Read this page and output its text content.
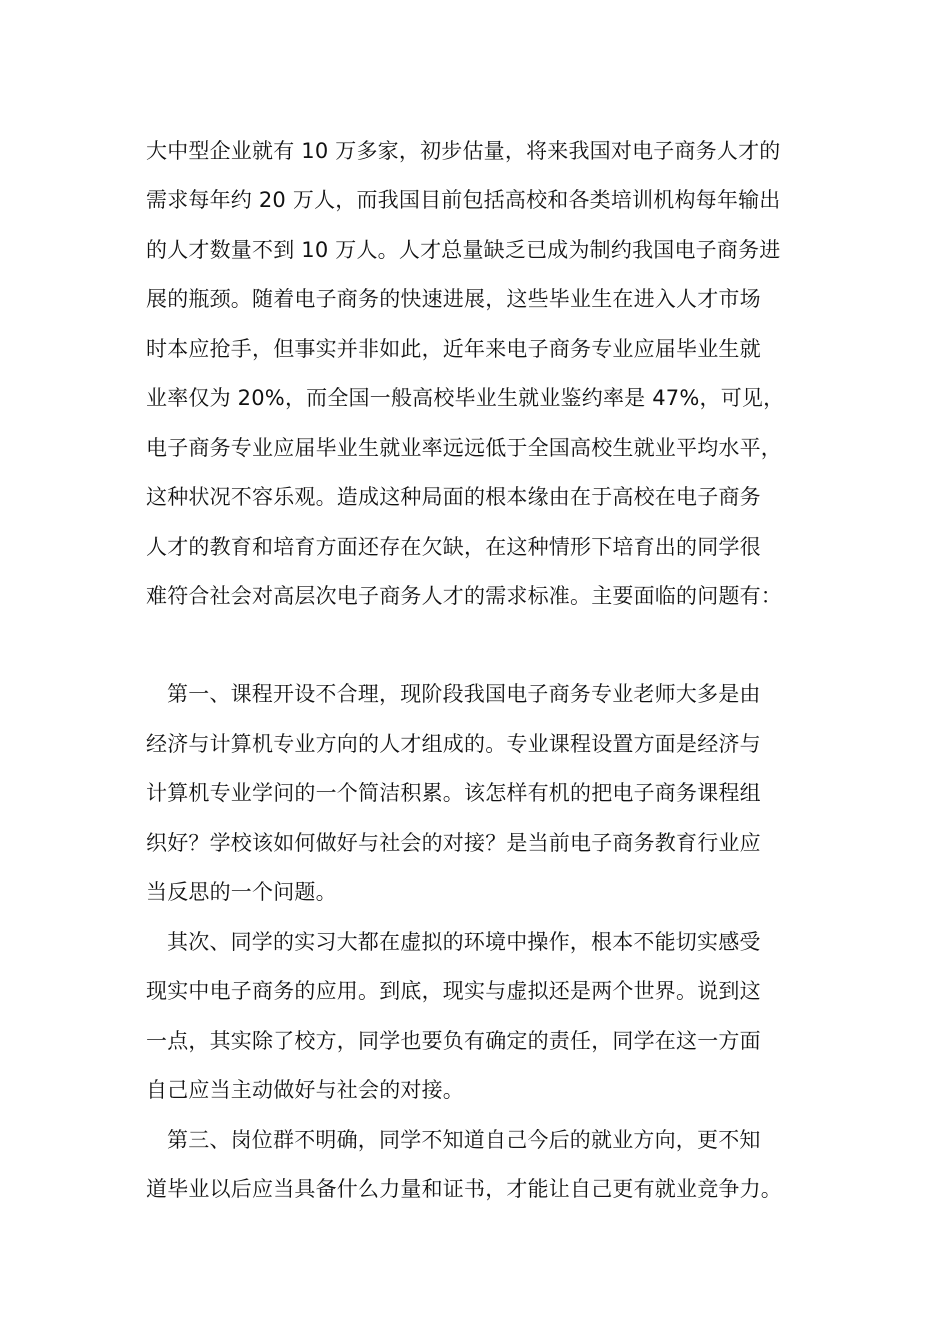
大中型企业就有 10 万多家，初步估量，将来我国对电子商务人才的
需求每年约 20 万人，而我国目前包括高校和各类培训机构每年输出
的人才数量不到 10 万人。人才总量缺乏已成为制约我国电子商务进
展的瓶颈。随着电子商务的快速进展，这些毕业生在进入人才市场
时本应抢手，但事实并非如此，近年来电子商务专业应届毕业生就
业率仅为 20%，而全国一般高校毕业生就业鉴约率是 47%，可见，
电子商务专业应届毕业生就业率远远低于全国高校生就业平均水平，
这种状况不容乐观。造成这种局面的根本缘由在于高校在电子商务
人才的教育和培育方面还存在欠缺，在这种情形下培育出的同学很
难符合社会对高层次电子商务人才的需求标准。主要面临的问题有：
第一、课程开设不合理，现阶段我国电子商务专业老师大多是由
经济与计算机专业方向的人才组成的。专业课程设置方面是经济与
计算机专业学问的一个简洁积累。该怎样有机的把电子商务课程组
织好？学校该如何做好与社会的对接？是当前电子商务教育行业应
当反思的一个问题。
其次、同学的实习大都在虚拟的环境中操作，根本不能切实感受
现实中电子商务的应用。到底，现实与虚拟还是两个世界。说到这
一点，其实除了校方，同学也要负有确定的责任，同学在这一方面
自己应当主动做好与社会的对接。
第三、岗位群不明确，同学不知道自己今后的就业方向，更不知
道毕业以后应当具备什么力量和证书，才能让自己更有就业竞争力。
